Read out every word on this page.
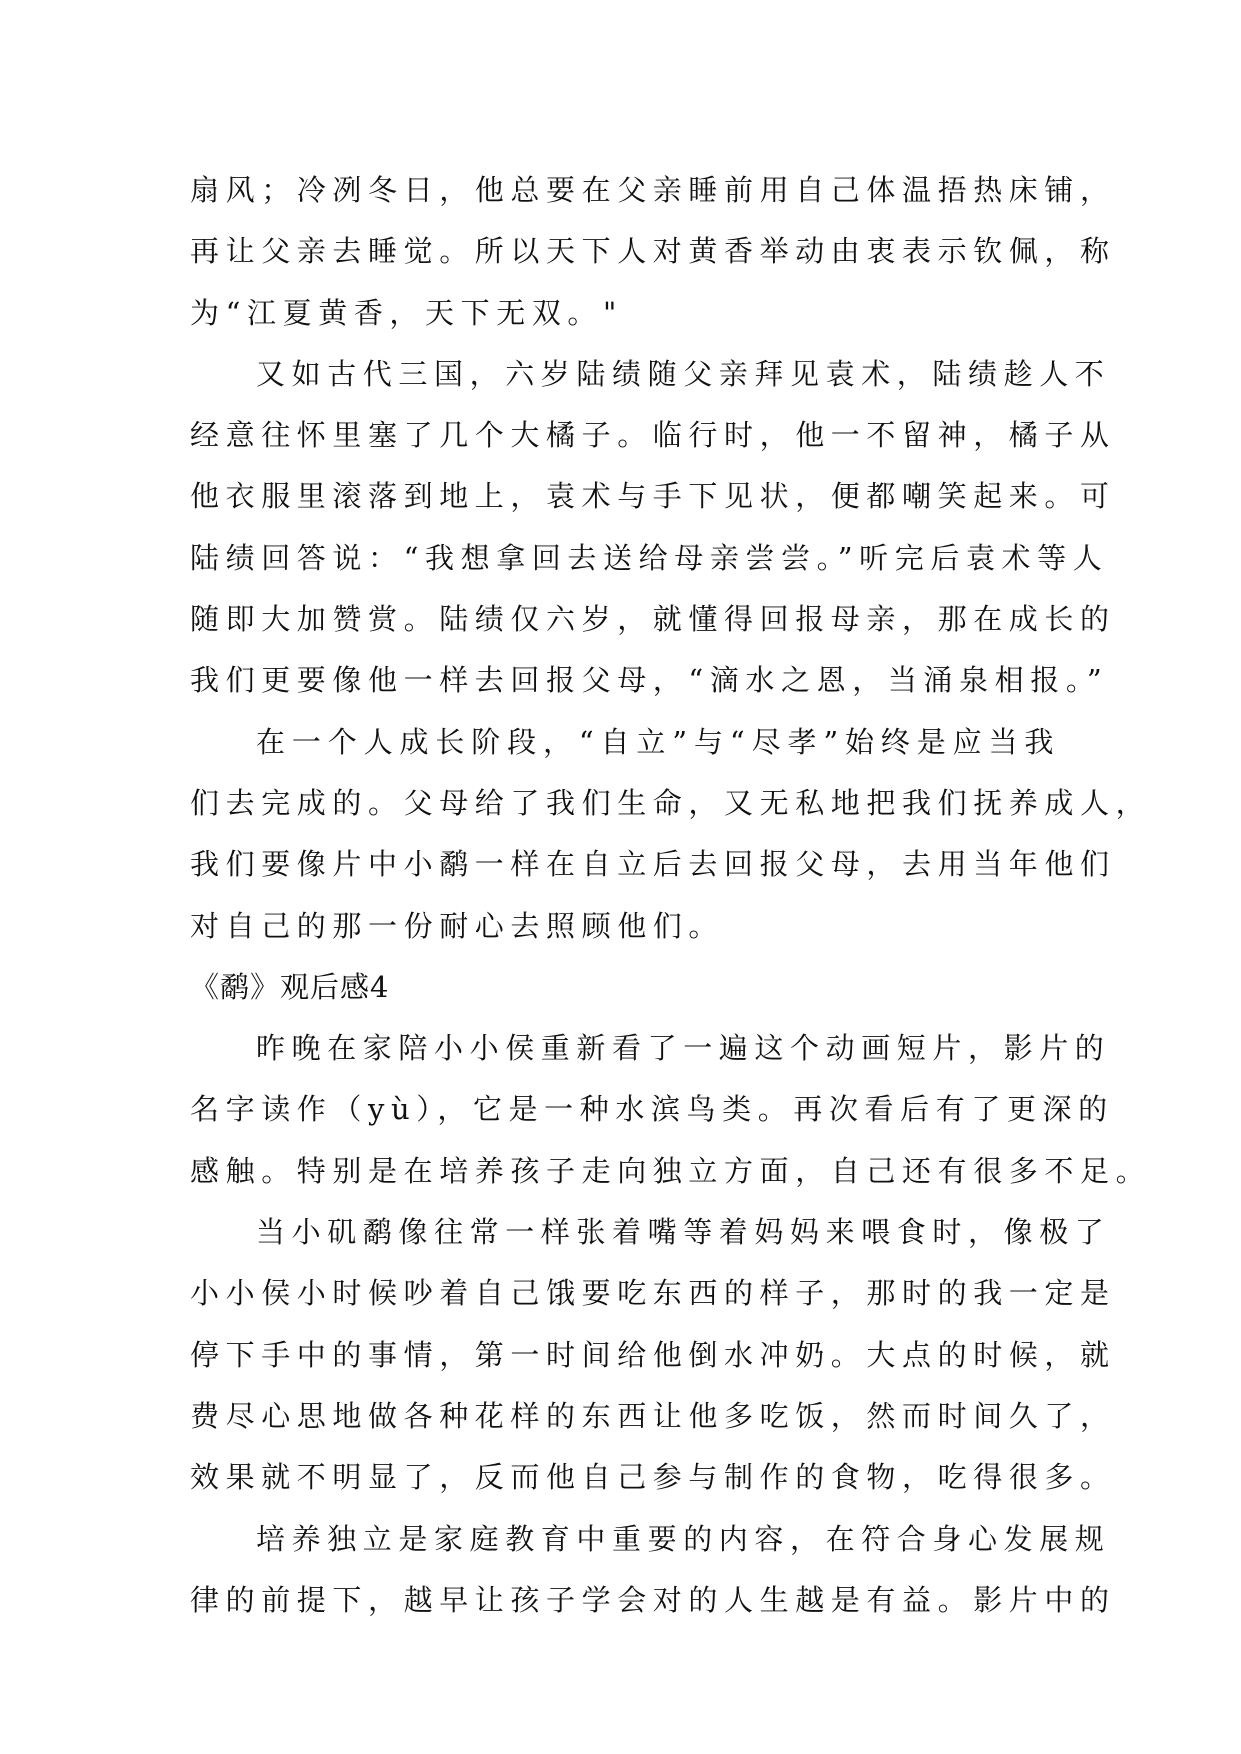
扇风；冷冽冬日，他总要在父亲睡前用自己体温捂热床铺，
再让父亲去睡觉。所以天下人对黄香举动由衷表示钦佩，称
为“江夏黄香，天下无双。"
又如古代三国，六岁陆绩随父亲拜见袁术，陆绩趁人不
经意往怀里塞了几个大橘子。临行时，他一不留神，橘子从
他衣服里滚落到地上，袁术与手下见状，便都嘲笑起来。可
陆绩回答说：“我想拿回去送给母亲尝尝。”听完后袁术等人
随即大加赞赏。陆绩仅六岁，就懂得回报母亲，那在成长的
我们更要像他一样去回报父母，“滴水之恩，当涌泉相报。”
在一个人成长阶段，“自立”与“尽孝”始终是应当我
们去完成的。父母给了我们生命，又无私地把我们抚养成人，
我们要像片中小鹬一样在自立后去回报父母，去用当年他们
对自己的那一份耐心去照顾他们。
《鹬》观后感4
昨晚在家陪小小侯重新看了一遍这个动画短片，影片的
名字读作（yù），它是一种水滨鸟类。再次看后有了更深的
感触。特别是在培养孩子走向独立方面，自己还有很多不足。
当小矶鹬像往常一样张着嘴等着妈妈来喂食时，像极了
小小侯小时候吵着自己饿要吃东西的样子，那时的我一定是
停下手中的事情，第一时间给他倒水冲奶。大点的时候，就
费尽心思地做各种花样的东西让他多吃饭，然而时间久了，
效果就不明显了，反而他自己参与制作的食物，吃得很多。
培养独立是家庭教育中重要的内容，在符合身心发展规
律的前提下，越早让孩子学会对的人生越是有益。影片中的
